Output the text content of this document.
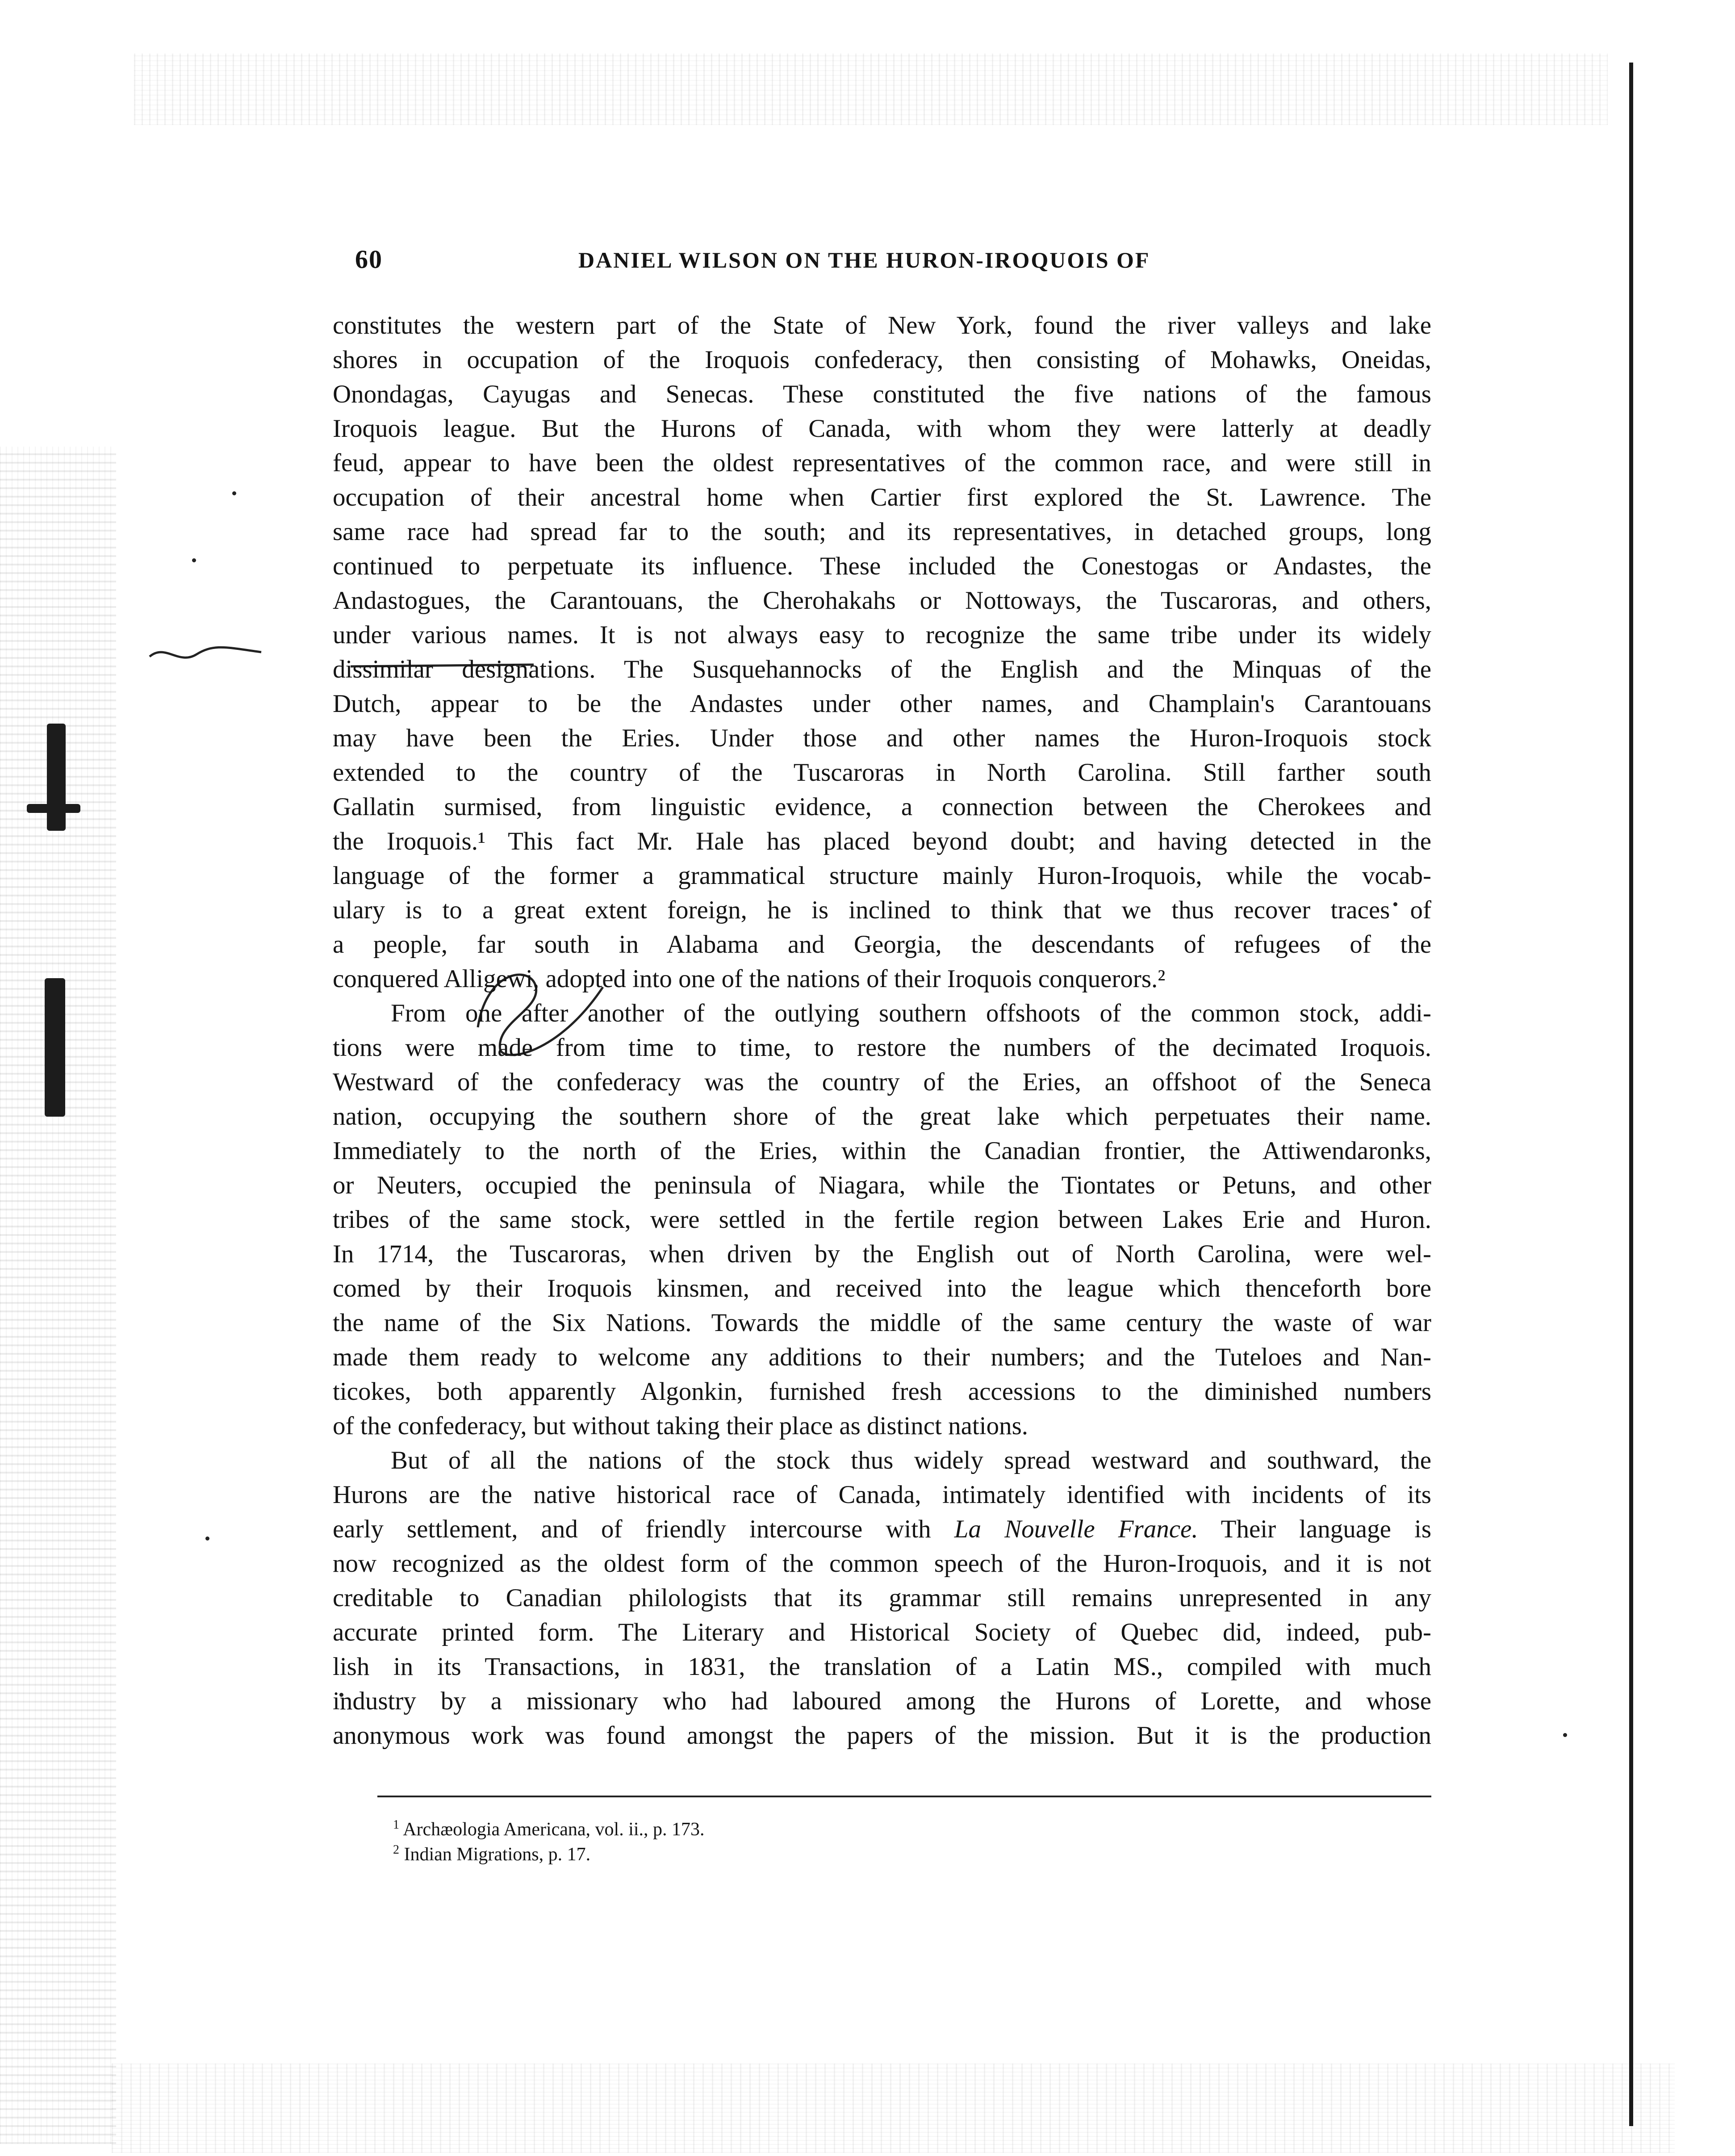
60	DANIEL WILSON ON THE HURON-IROQUOIS OF
constitutes the western part of the State of New York, found the river valleys and lake
shores in occupation of the Iroquois confederacy, then consisting of Mohawks, Oneidas,
Onondagas, Cayugas and Senecas. These constituted the five nations of the famous
Iroquois league. But the Hurons of Canada, with whom they were latterly at deadly
feud, appear to have been the oldest representatives of the common race, and were still in
occupation of their ancestral home when Cartier first explored the St. Lawrence. The
same race had spread far to the south; and its representatives, in detached groups, long
continued to perpetuate its influence. These included the Conestogas or Andastes, the
Andastogues, the Carantouans, the Cherohakahs or Nottoways, the Tuscaroras, and others,
under various names. It is not always easy to recognize the same tribe under its widely
dissimilar designations. The Susquehannocks of the English and the Minquas of the
Dutch, appear to be the Andastes under other names, and Champlain's Carantouans
may have been the Eries. Under those and other names the Huron-Iroquois stock
extended to the country of the Tuscaroras in North Carolina. Still farther south
Gallatin surmised, from linguistic evidence, a connection between the Cherokees and
the Iroquois.¹ This fact Mr. Hale has placed beyond doubt; and having detected in the
language of the former a grammatical structure mainly Huron-Iroquois, while the vocab-
ulary is to a great extent foreign, he is inclined to think that we thus recover traces of
a people, far south in Alabama and Georgia, the descendants of refugees of the
conquered Alligewi, adopted into one of the nations of their Iroquois conquerors.²
From one after another of the outlying southern offshoots of the common stock, addi-
tions were made from time to time, to restore the numbers of the decimated Iroquois.
Westward of the confederacy was the country of the Eries, an offshoot of the Seneca
nation, occupying the southern shore of the great lake which perpetuates their name.
Immediately to the north of the Eries, within the Canadian frontier, the Attiwendaronks,
or Neuters, occupied the peninsula of Niagara, while the Tiontates or Petuns, and other
tribes of the same stock, were settled in the fertile region between Lakes Erie and Huron.
In 1714, the Tuscaroras, when driven by the English out of North Carolina, were wel-
comed by their Iroquois kinsmen, and received into the league which thenceforth bore
the name of the Six Nations. Towards the middle of the same century the waste of war
made them ready to welcome any additions to their numbers; and the Tuteloes and Nan-
ticokes, both apparently Algonkin, furnished fresh accessions to the diminished numbers
of the confederacy, but without taking their place as distinct nations.
But of all the nations of the stock thus widely spread westward and southward, the
Hurons are the native historical race of Canada, intimately identified with incidents of its
early settlement, and of friendly intercourse with La Nouvelle France. Their language is
now recognized as the oldest form of the common speech of the Huron-Iroquois, and it is not
creditable to Canadian philologists that its grammar still remains unrepresented in any
accurate printed form. The Literary and Historical Society of Quebec did, indeed, pub-
lish in its Transactions, in 1831, the translation of a Latin MS., compiled with much
industry by a missionary who had laboured among the Hurons of Lorette, and whose
anonymous work was found amongst the papers of the mission. But it is the production
$^1$ Archæologia Americana, vol. ii., p. 173.
$^2$ Indian Migrations, p. 17.
